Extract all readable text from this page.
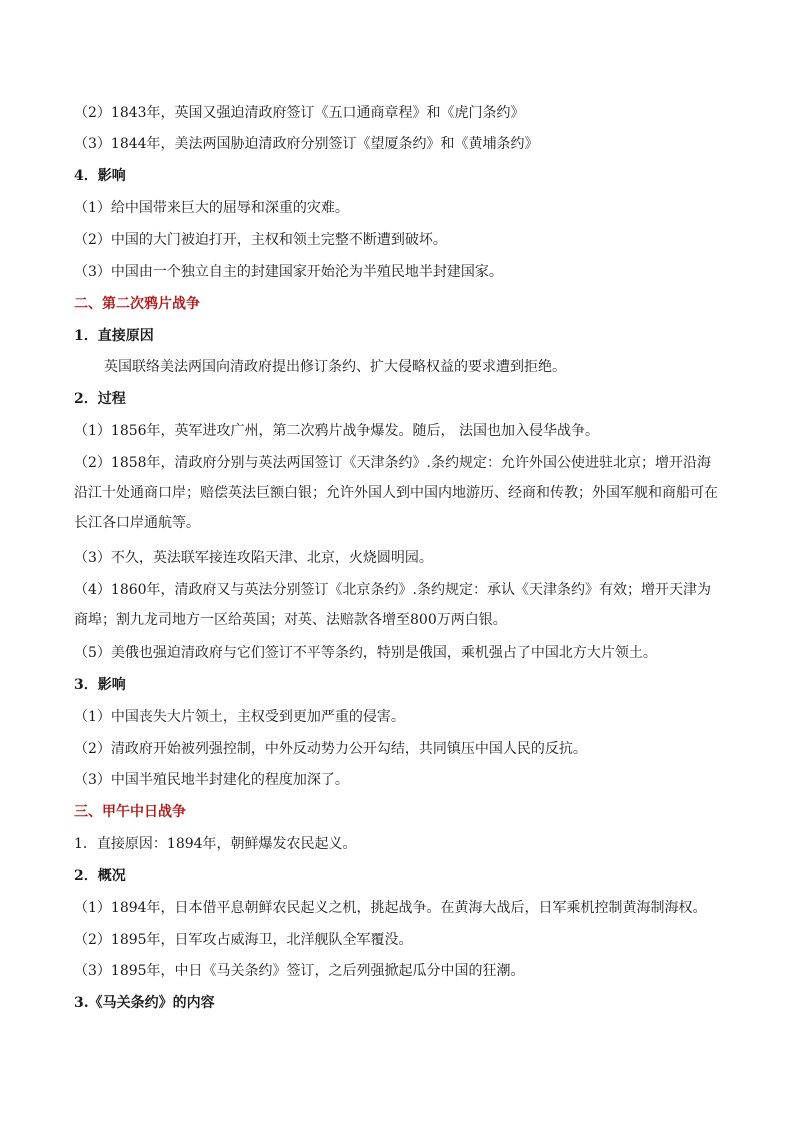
（2）1843年，英国又强迫清政府签订《五口通商章程》和《虎门条约》
（3）1844年，美法两国胁迫清政府分别签订《望厦条约》和《黄埔条约》
4．影响
（1）给中国带来巨大的屈辱和深重的灾难。
（2）中国的大门被迫打开，主权和领土完整不断遭到破坏。
（3）中国由一个独立自主的封建国家开始沦为半殖民地半封建国家。
二、第二次鸦片战争
1．直接原因
英国联络美法两国向清政府提出修订条约、扩大侵略权益的要求遭到拒绝。
2．过程
（1）1856年，英军进攻广州，第二次鸦片战争爆发。随后， 法国也加入侵华战争。
（2）1858年，清政府分别与英法两国签订《天津条约》.条约规定：允许外国公使进驻北京；增开沿海沿江十处通商口岸；赔偿英法巨额白银；允许外国人到中国内地游历、经商和传教；外国军舰和商船可在长江各口岸通航等。
（3）不久，英法联军接连攻陷天津、北京，火烧圆明园。
（4）1860年，清政府又与英法分别签订《北京条约》.条约规定：承认《天津条约》有效；增开天津为商埠；割九龙司地方一区给英国；对英、法赔款各增至800万两白银。
（5）美俄也强迫清政府与它们签订不平等条约，特别是俄国，乘机强占了中国北方大片领土。
3．影响
（1）中国丧失大片领土，主权受到更加严重的侵害。
（2）清政府开始被列强控制，中外反动势力公开勾结，共同镇压中国人民的反抗。
（3）中国半殖民地半封建化的程度加深了。
三、甲午中日战争
1．直接原因：1894年，朝鲜爆发农民起义。
2．概况
（1）1894年，日本借平息朝鲜农民起义之机，挑起战争。在黄海大战后，日军乘机控制黄海制海权。
（2）1895年，日军攻占威海卫，北洋舰队全军覆没。
（3）1895年，中日《马关条约》签订，之后列强掀起瓜分中国的狂潮。
3.《马关条约》的内容
